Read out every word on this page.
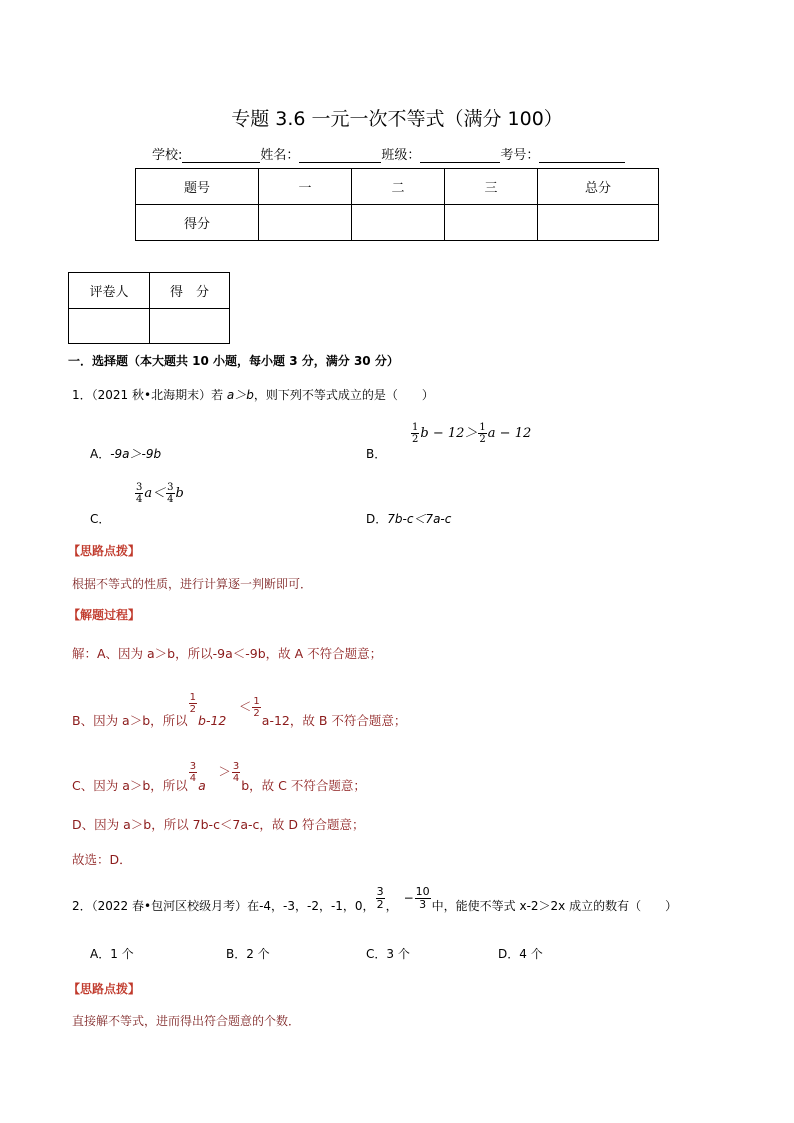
专题 3.6 一元一次不等式（满分 100）
学校:	姓名：	班级：	考号：
题号	一	二	三	总分
得分				
评卷人	得　分

一．选择题（本大题共 10 小题，每小题 3 分，满分 30 分）
1．（2021 秋•北海期末）若 a＞b，则下列不等式成立的是（　　）
A．-9a＞-9b	B．
$\frac{1}{2}$ $b - 12> \frac{1}{2}$ a − 12
C．
$\frac{3}{4} a< \frac{3}{4}$ b
D．7b-c＜7a-c
【思路点拨】
根据不等式的性质，进行计算逐一判断即可．
【解题过程】
解：A、因为 a＞b，所以-9a＜-9b，故 A 不符合题意；
B、因为 a＞b，所以
$\frac{1}{2}$
b-12　＜ $\frac{1}{2}$
a-12，故 B 不符合题意；
C、因为 a＞b，所以
$\frac{3}{4}$
a　＞ $\frac{3}{4}$
b，故 C 不符合题意；
D、因为 a＞b，所以 7b-c＜7a-c，故 D 符合题意；
故选：D．
2．（2022 春•包河区校级月考）在-4，-3，-2，-1，0， $\frac{3}{2}$ ，　− $\frac{10}{3}$ 中，能使不等式 x-2＞2x 成立的数有（　　）
A．1 个	B．2 个	C．3 个	D．4 个
【思路点拨】
直接解不等式，进而得出符合题意的个数．
